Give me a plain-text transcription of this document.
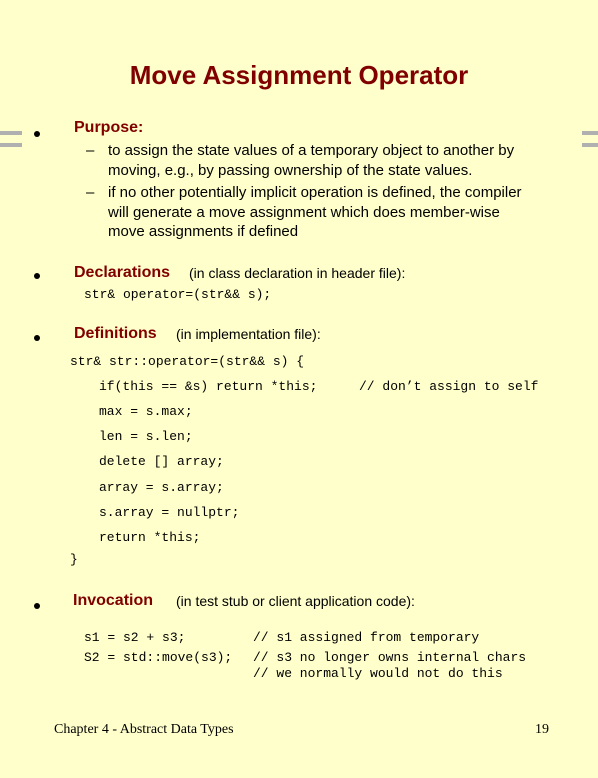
Move Assignment Operator
Purpose:
– to assign the state values of a temporary object to another by
moving, e.g., by passing ownership of the state values.
– if no other potentially implicit operation is defined, the compiler
will generate a move assignment which does member-wise
move assignments if defined
Declarations (in class declaration in header file):
str& operator=(str&& s);
Definitions (in implementation file):
str& str::operator=(str&& s) {
if(this == &s) return *this;	// don’t assign to self
max = s.max;
len = s.len;
delete [] array;
array = s.array;
s.array = nullptr;
return *this;
}
Invocation (in test stub or client application code):
s1 = s2 + s3;	// s1 assigned from temporary
S2 = std::move(s3); // s3 no longer owns internal chars
// we normally would not do this
Chapter 4 - Abstract Data Types	19
